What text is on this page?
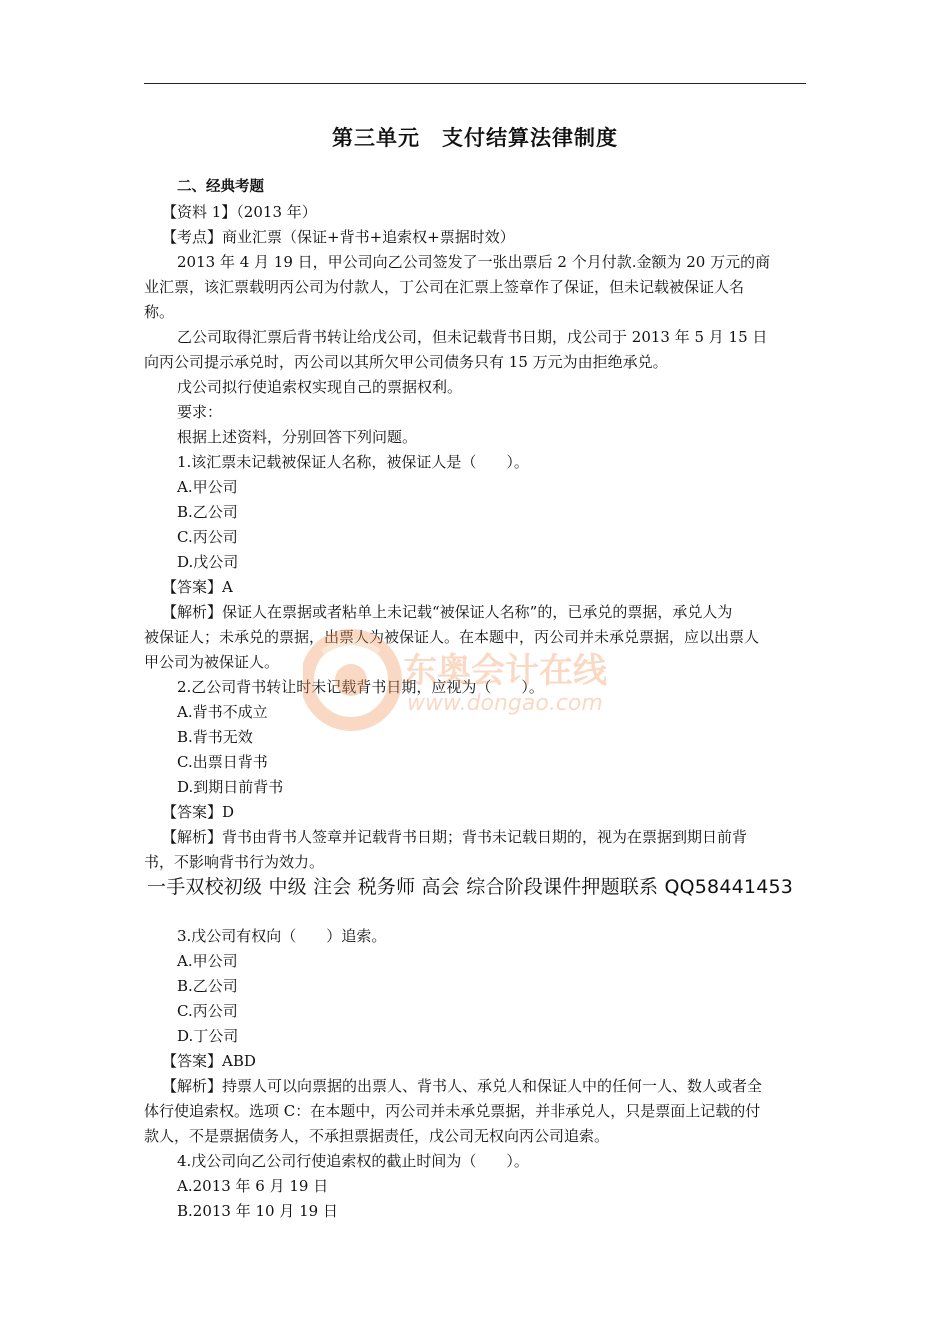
第三单元　支付结算法律制度
二、经典考题
【资料 1】（2013 年）
【考点】商业汇票（保证+背书+追索权+票据时效）
2013 年 4 月 19 日，甲公司向乙公司签发了一张出票后 2 个月付款.金额为 20 万元的商
业汇票，该汇票载明丙公司为付款人，丁公司在汇票上签章作了保证，但未记载被保证人名
称。
乙公司取得汇票后背书转让给戊公司，但未记载背书日期，戊公司于 2013 年 5 月 15 日
向丙公司提示承兑时，丙公司以其所欠甲公司债务只有 15 万元为由拒绝承兑。
戊公司拟行使追索权实现自己的票据权利。
要求：
根据上述资料，分别回答下列问题。
1.该汇票未记载被保证人名称，被保证人是（　　）。
A.甲公司
B.乙公司
C.丙公司
D.戊公司
【答案】A
【解析】保证人在票据或者粘单上未记载“被保证人名称”的，已承兑的票据，承兑人为
被保证人；未承兑的票据，出票人为被保证人。在本题中，丙公司并未承兑票据，应以出票人
甲公司为被保证人。
2.乙公司背书转让时未记载背书日期，应视为（　　）。
A.背书不成立
B.背书无效
C.出票日背书
D.到期日前背书
【答案】D
【解析】背书由背书人签章并记载背书日期；背书未记载日期的，视为在票据到期日前背
书，不影响背书行为效力。
一手双校初级 中级 注会 税务师 高会 综合阶段课件押题联系 QQ58441453
3.戊公司有权向（　　）追索。
A.甲公司
B.乙公司
C.丙公司
D.丁公司
【答案】ABD
【解析】持票人可以向票据的出票人、背书人、承兑人和保证人中的任何一人、数人或者全
体行使追索权。选项 C：在本题中，丙公司并未承兑票据，并非承兑人，只是票面上记载的付
款人，不是票据债务人，不承担票据责任，戊公司无权向丙公司追索。
4.戊公司向乙公司行使追索权的截止时间为（　　）。
A.2013 年 6 月 19 日
B.2013 年 10 月 19 日
东奥会计在线
www.dongao.com
